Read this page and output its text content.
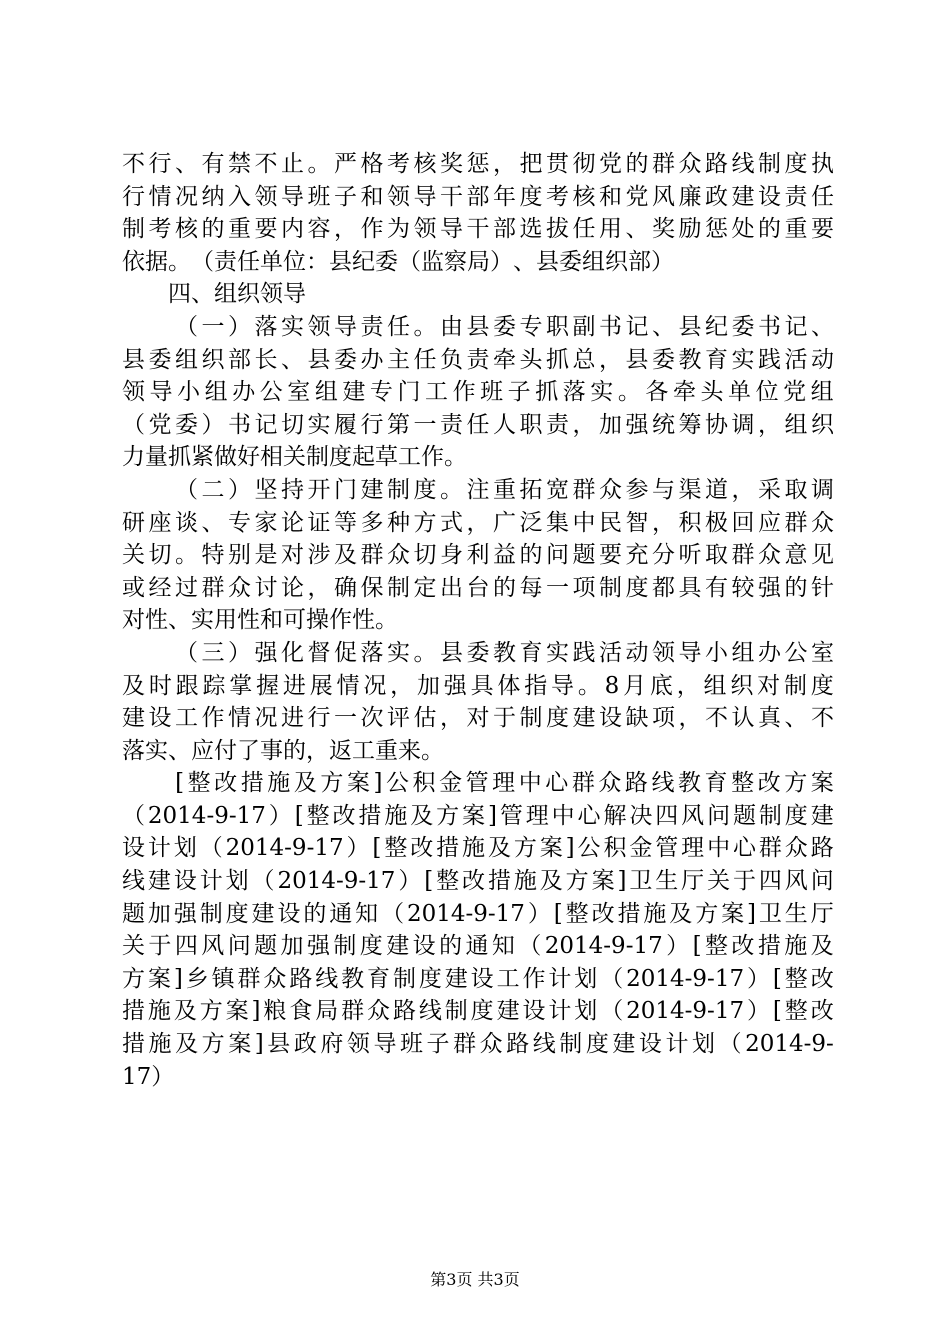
不 行 、 有 禁 不 止 。 严 格 考 核 奖 惩 ， 把 贯 彻 党 的 群 众 路 线 制 度 执
行 情 况 纳 入 领 导 班 子 和 领 导 干 部 年 度 考 核 和 党 风 廉 政 建 设 责 任
制 考 核 的 重 要 内 容 ， 作 为 领 导 干 部 选 拔 任 用 、 奖 励 惩 处 的 重 要
依 据 。 （ 责 任 单 位 ： 县 纪 委 （ 监 察 局 ） 、 县 委 组 织 部 ）

四 、 组 织 领 导

（ 一 ） 落 实 领 导 责 任 。 由 县 委 专 职 副 书 记 、 县 纪 委 书 记 、
县 委 组 织 部 长 、 县 委 办 主 任 负 责 牵 头 抓 总 ， 县 委 教 育 实 践 活 动
领 导 小 组 办 公 室 组 建 专 门 工 作 班 子 抓 落 实 。 各 牵 头 单 位 党 组
（ 党 委 ） 书 记 切 实 履 行 第 一 责 任 人 职 责 ， 加 强 统 筹 协 调 ， 组 织
力 量 抓 紧 做 好 相 关 制 度 起 草 工 作 。

（ 二 ） 坚 持 开 门 建 制 度 。 注 重 拓 宽 群 众 参 与 渠 道 ， 采 取 调
研 座 谈 、 专 家 论 证 等 多 种 方 式 ， 广 泛 集 中 民 智 ， 积 极 回 应 群 众
关 切 。 特 别 是 对 涉 及 群 众 切 身 利 益 的 问 题 要 充 分 听 取 群 众 意 见
或 经 过 群 众 讨 论 ， 确 保 制 定 出 台 的 每 一 项 制 度 都 具 有 较 强 的 针
对 性 、 实 用 性 和 可 操 作 性 。

（ 三 ） 强 化 督 促 落 实 。 县 委 教 育 实 践 活 动 领 导 小 组 办 公 室
及 时 跟 踪 掌 握 进 展 情 况 ， 加 强 具 体 指 导 。 8 月 底 ， 组 织 对 制 度
建 设 工 作 情 况 进 行 一 次 评 估 ， 对 于 制 度 建 设 缺 项 ， 不 认 真 、 不
落 实 、 应 付 了 事 的 ， 返 工 重 来 。

[ 整 改 措 施 及 方 案 ] 公 积 金 管 理 中 心 群 众 路 线 教 育 整 改 方 案
（ 2014-9-17 ） [ 整 改 措 施 及 方 案 ] 管 理 中 心 解 决 四 风 问 题 制 度 建
设 计 划 （ 2014-9-17 ） [ 整 改 措 施 及 方 案 ] 公 积 金 管 理 中 心 群 众 路
线 建 设 计 划 （ 2014-9-17 ） [ 整 改 措 施 及 方 案 ] 卫 生 厅 关 于 四 风 问
题 加 强 制 度 建 设 的 通 知 （ 2014-9-17 ） [ 整 改 措 施 及 方 案 ] 卫 生 厅
关 于 四 风 问 题 加 强 制 度 建 设 的 通 知 （ 2014-9-17 ） [ 整 改 措 施 及
方 案 ] 乡 镇 群 众 路 线 教 育 制 度 建 设 工 作 计 划 （ 2014-9-17 ） [ 整 改
措 施 及 方 案 ] 粮 食 局 群 众 路 线 制 度 建 设 计 划 （ 2014-9-17 ） [ 整 改
措 施 及 方 案 ] 县 政 府 领 导 班 子 群 众 路 线 制 度 建 设 计 划 （ 2014-9-
17 ）
第3页 共3页
